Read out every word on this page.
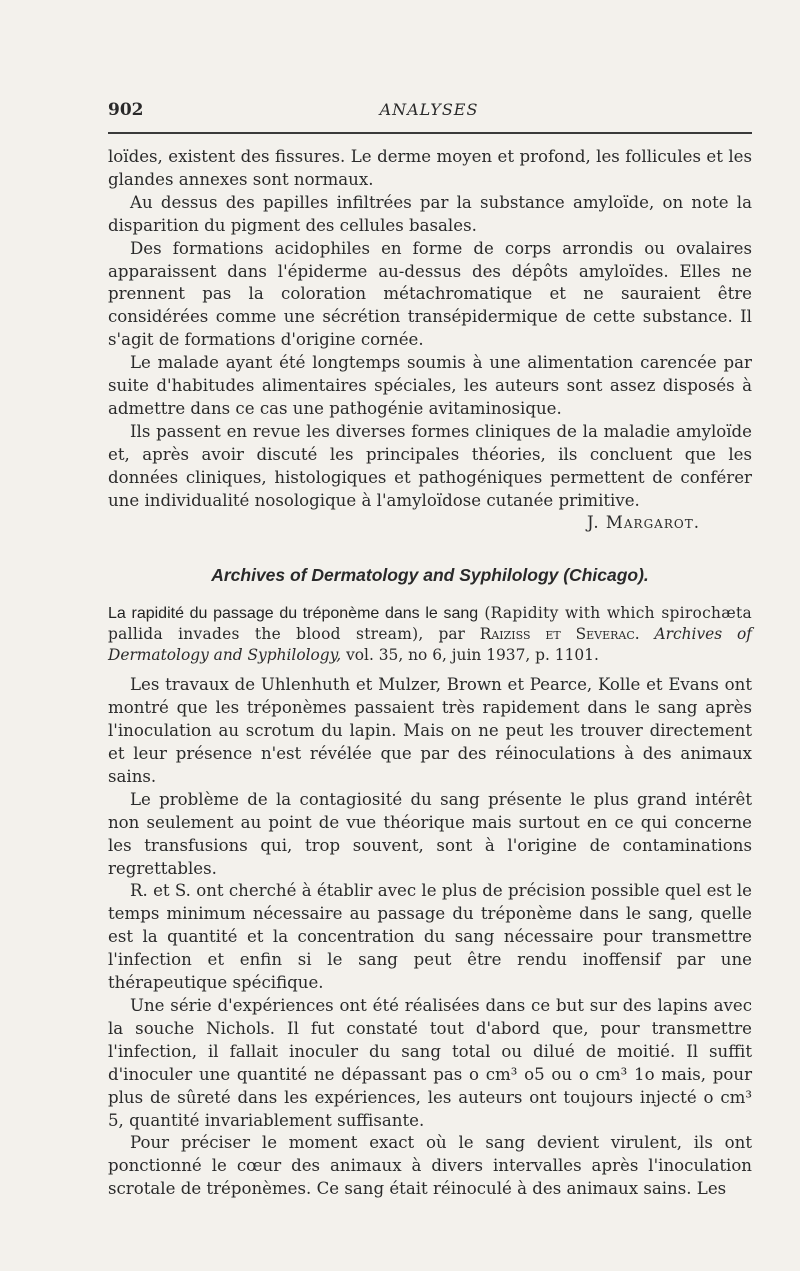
902	ANALYSES

loïdes, existent des fissures. Le derme moyen et profond, les follicules et les glandes annexes sont normaux.

Au dessus des papilles infiltrées par la substance amyloïde, on note la disparition du pigment des cellules basales.

Des formations acidophiles en forme de corps arrondis ou ovalaires apparaissent dans l'épiderme au-dessus des dépôts amyloïdes. Elles ne prennent pas la coloration métachromatique et ne sauraient être considérées comme une sécrétion transépidermique de cette substance. Il s'agit de formations d'origine cornée.

Le malade ayant été longtemps soumis à une alimentation carencée par suite d'habitudes alimentaires spéciales, les auteurs sont assez disposés à admettre dans ce cas une pathogénie avitaminosique.

Ils passent en revue les diverses formes cliniques de la maladie amyloïde et, après avoir discuté les principales théories, ils concluent que les données cliniques, histologiques et pathogéniques permettent de conférer une individualité nosologique à l'amyloïdose cutanée primitive.

J. Margarot.
Archives of Dermatology and Syphilology (Chicago).
La rapidité du passage du tréponème dans le sang (Rapidity with which spirochæta pallida invades the blood stream), par Raiziss et Severac. Archives of Dermatology and Syphilology, vol. 35, no 6, juin 1937, p. 1101.

Les travaux de Uhlenhuth et Mulzer, Brown et Pearce, Kolle et Evans ont montré que les tréponèmes passaient très rapidement dans le sang après l'inoculation au scrotum du lapin. Mais on ne peut les trouver directement et leur présence n'est révélée que par des réinoculations à des animaux sains.

Le problème de la contagiosité du sang présente le plus grand intérêt non seulement au point de vue théorique mais surtout en ce qui concerne les transfusions qui, trop souvent, sont à l'origine de contaminations regrettables.

R. et S. ont cherché à établir avec le plus de précision possible quel est le temps minimum nécessaire au passage du tréponème dans le sang, quelle est la quantité et la concentration du sang nécessaire pour transmettre l'infection et enfin si le sang peut être rendu inoffensif par une thérapeutique spécifique.

Une série d'expériences ont été réalisées dans ce but sur des lapins avec la souche Nichols. Il fut constaté tout d'abord que, pour transmettre l'infection, il fallait inoculer du sang total ou dilué de moitié. Il suffit d'inoculer une quantité ne dépassant pas o cm³ o5 ou o cm³ 1o mais, pour plus de sûreté dans les expériences, les auteurs ont toujours injecté o cm³ 5, quantité invariablement suffisante.

Pour préciser le moment exact où le sang devient virulent, ils ont ponctionné le cœur des animaux à divers intervalles après l'inoculation scrotale de tréponèmes. Ce sang était réinoculé à des animaux sains. Les
